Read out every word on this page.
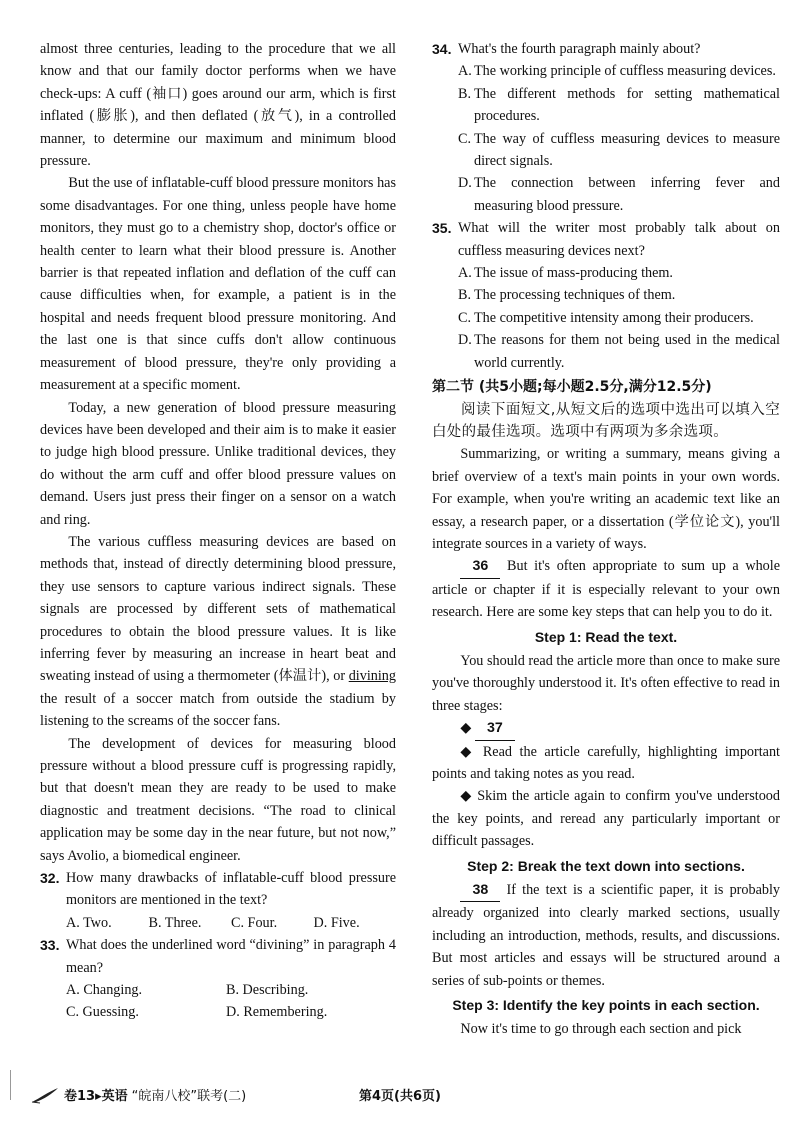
almost three centuries, leading to the procedure that we all know and that our family doctor performs when we have check-ups: A cuff (袖口) goes around our arm, which is first inflated (膨胀), and then deflated (放气), in a controlled manner, to determine our maximum and minimum blood pressure.

But the use of inflatable-cuff blood pressure monitors has some disadvantages. For one thing, unless people have home monitors, they must go to a chemistry shop, doctor's office or health center to learn what their blood pressure is. Another barrier is that repeated inflation and deflation of the cuff can cause difficulties when, for example, a patient is in the hospital and needs frequent blood pressure monitoring. And the last one is that since cuffs don't allow continuous measurement of blood pressure, they're only providing a measurement at a specific moment.

Today, a new generation of blood pressure measuring devices have been developed and their aim is to make it easier to judge high blood pressure. Unlike traditional devices, they do without the arm cuff and offer blood pressure values on demand. Users just press their finger on a sensor on a watch and ring.

The various cuffless measuring devices are based on methods that, instead of directly determining blood pressure, they use sensors to capture various indirect signals. These signals are processed by different sets of mathematical procedures to obtain the blood pressure values. It is like inferring fever by measuring an increase in heart beat and sweating instead of using a thermometer (体温计), or divining the result of a soccer match from outside the stadium by listening to the screams of the soccer fans.

The development of devices for measuring blood pressure without a blood pressure cuff is progressing rapidly, but that doesn't mean they are ready to be used to make diagnostic and treatment decisions. “The road to clinical application may be some day in the near future, but not now,” says Avolio, a biomedical engineer.

32. How many drawbacks of inflatable-cuff blood pressure monitors are mentioned in the text?
A. Two.	B. Three.	C. Four.	D. Five.
33. What does the underlined word “divining” in paragraph 4 mean?
A. Changing.	B. Describing.
C. Guessing.	D. Remembering.
34. What's the fourth paragraph mainly about?
A. The working principle of cuffless measuring devices.
B. The different methods for setting mathematical procedures.
C. The way of cuffless measuring devices to measure direct signals.
D. The connection between inferring fever and measuring blood pressure.
35. What will the writer most probably talk about on cuffless measuring devices next?
A. The issue of mass-producing them.
B. The processing techniques of them.
C. The competitive intensity among their producers.
D. The reasons for them not being used in the medical world currently.

第二节 (共5小题;每小题2.5分,满分12.5分)

阅读下面短文,从短文后的选项中选出可以填入空白处的最佳选项。选项中有两项为多余选项。

Summarizing, or writing a summary, means giving a brief overview of a text's main points in your own words. For example, when you're writing an academic text like an essay, a research paper, or a dissertation (学位论文), you'll integrate sources in a variety of ways.

36 But it's often appropriate to sum up a whole article or chapter if it is especially relevant to your own research. Here are some key steps that can help you to do it.

Step 1: Read the text.

You should read the article more than once to make sure you've thoroughly understood it. It's often effective to read in three stages:

◆ 37

◆ Read the article carefully, highlighting important points and taking notes as you read.

◆ Skim the article again to confirm you've understood the key points, and reread any particularly important or difficult passages.

Step 2: Break the text down into sections.

38 If the text is a scientific paper, it is probably already organized into clearly marked sections, usually including an introduction, methods, results, and discussions. But most articles and essays will be structured around a series of sub-points or themes.

Step 3: Identify the key points in each section.

Now it's time to go through each section and pick

卷13▸英语 “皖南八校”联考(二)	第4页(共6页)
